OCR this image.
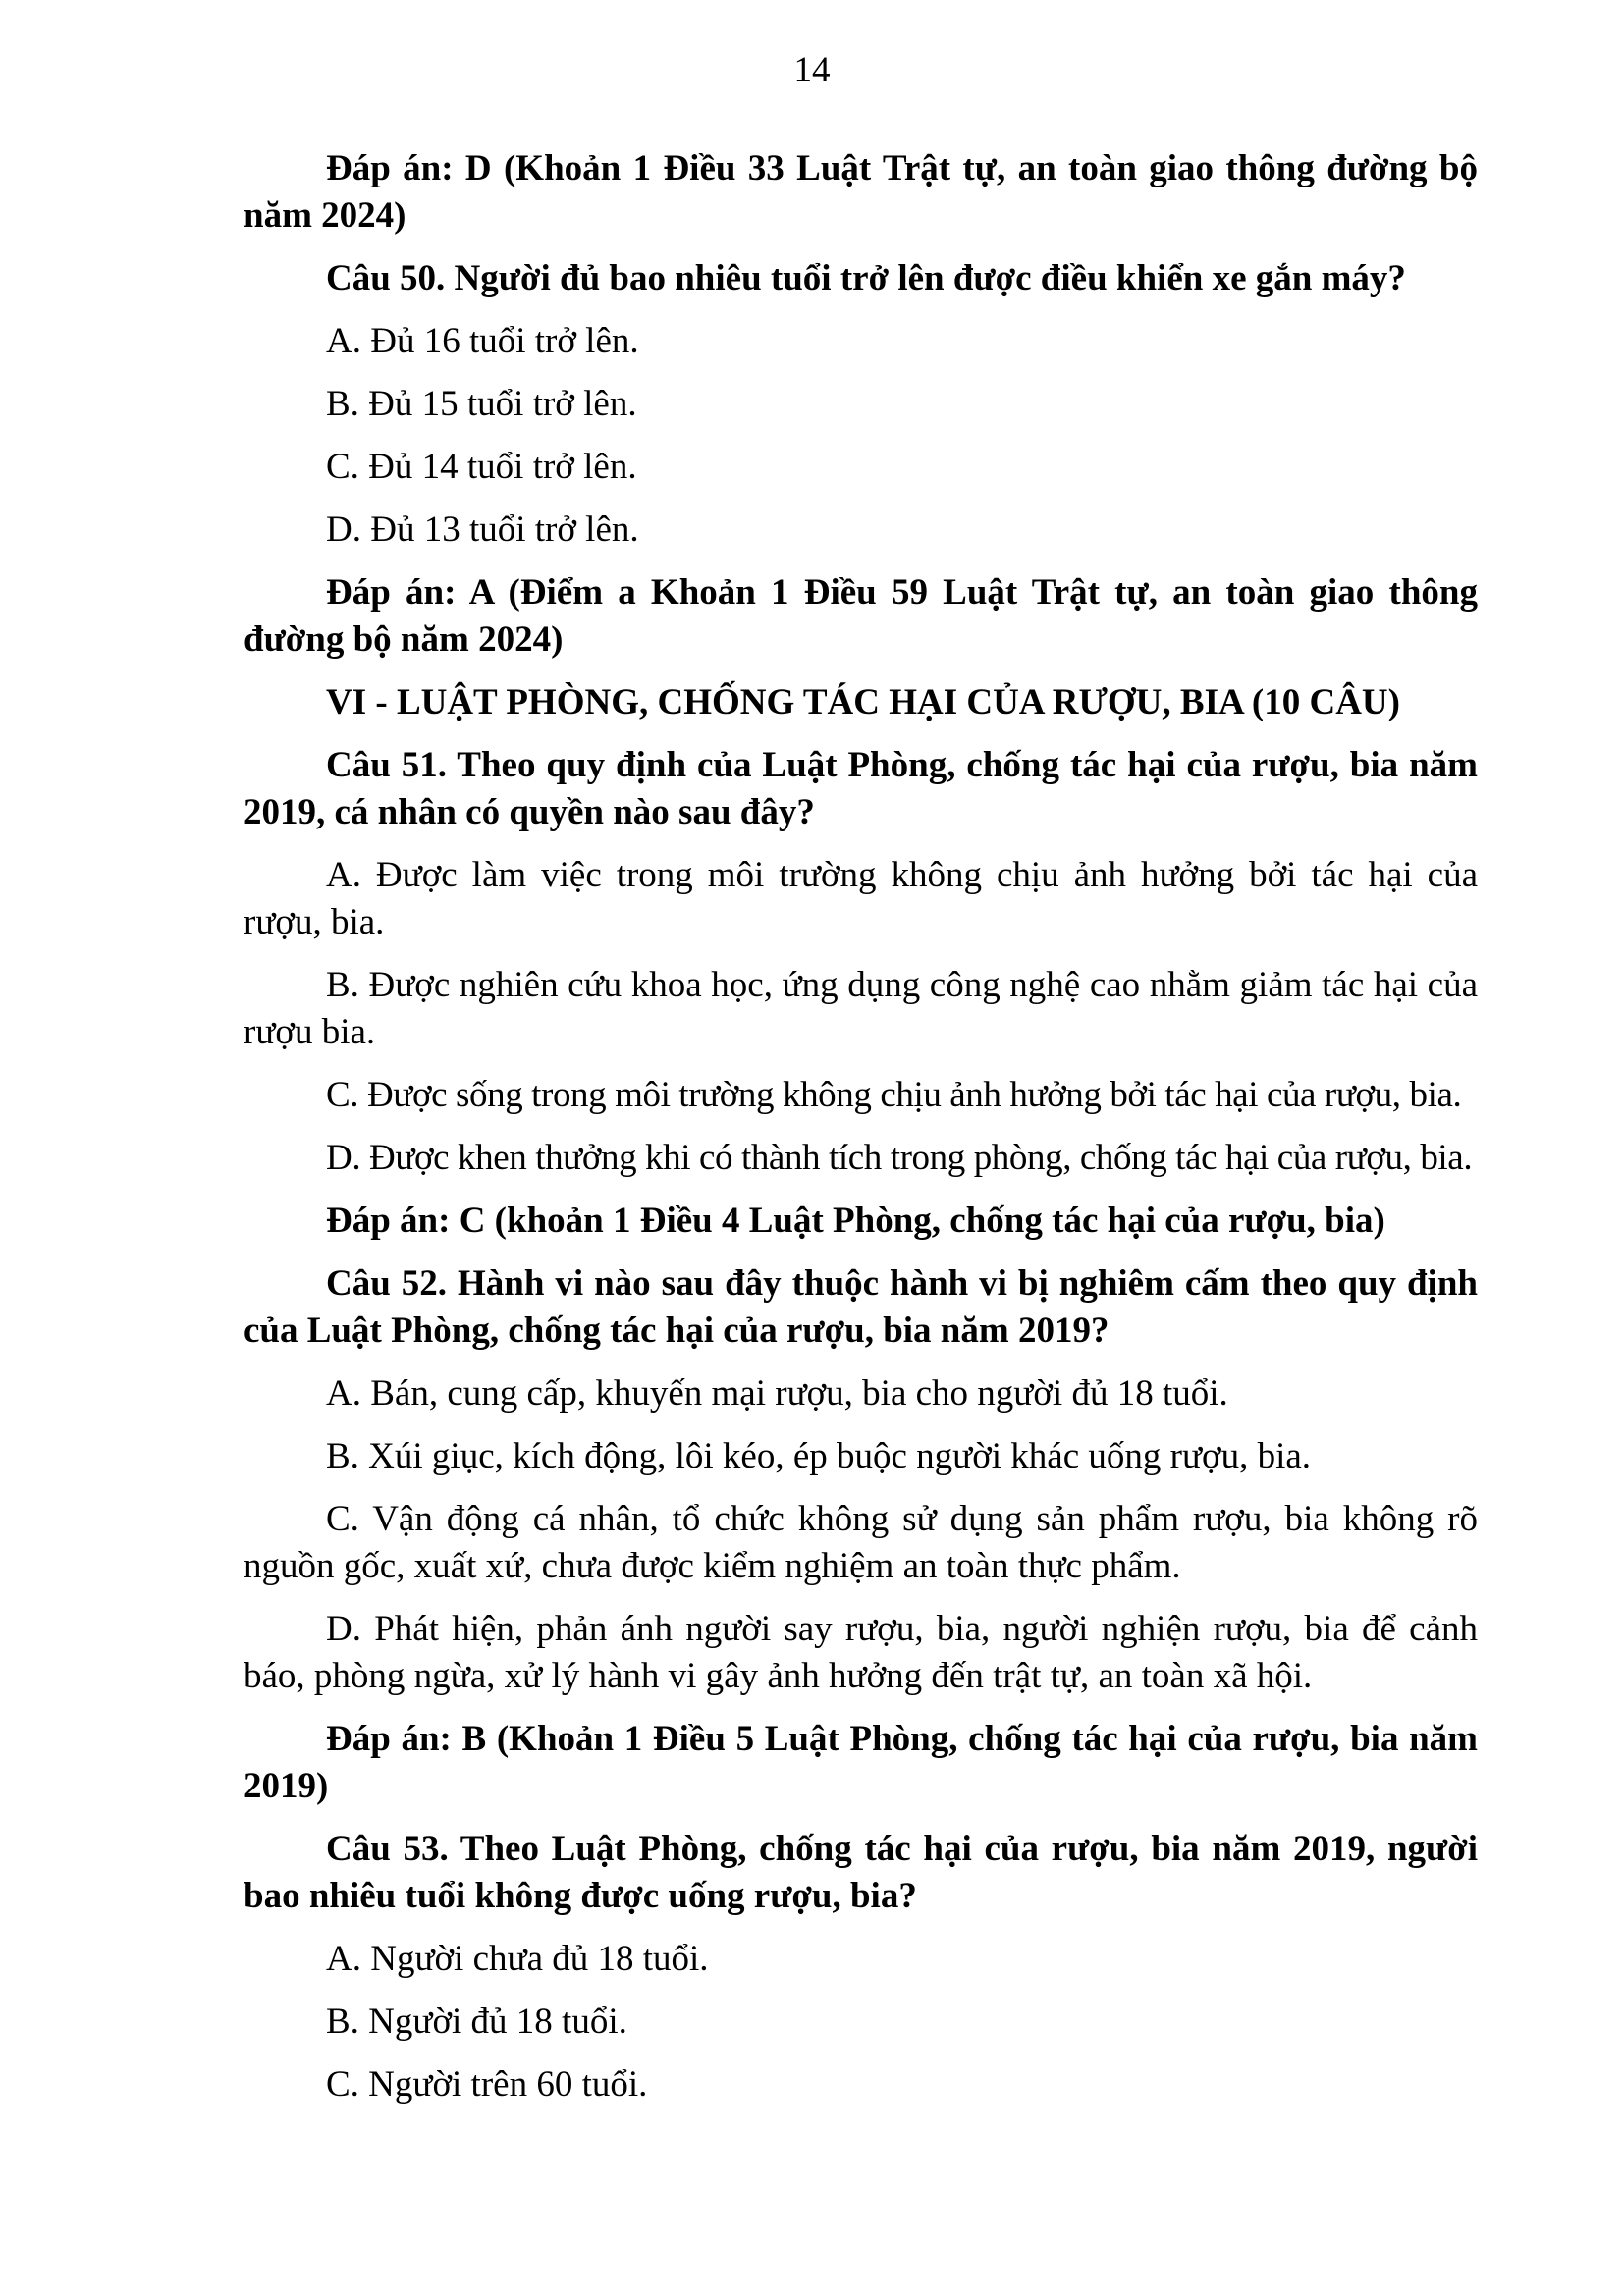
14

Đáp án: D (Khoản 1 Điều 33 Luật Trật tự, an toàn giao thông đường bộ năm 2024)

Câu 50. Người đủ bao nhiêu tuổi trở lên được điều khiển xe gắn máy?

A. Đủ 16 tuổi trở lên.

B. Đủ 15 tuổi trở lên.

C. Đủ 14 tuổi trở lên.

D. Đủ 13 tuổi trở lên.

Đáp án: A (Điểm a Khoản 1 Điều 59 Luật Trật tự, an toàn giao thông đường bộ năm 2024)

VI - LUẬT PHÒNG, CHỐNG TÁC HẠI CỦA RƯỢU, BIA (10 CÂU)

Câu 51. Theo quy định của Luật Phòng, chống tác hại của rượu, bia năm 2019, cá nhân có quyền nào sau đây?

A. Được làm việc trong môi trường không chịu ảnh hưởng bởi tác hại của rượu, bia.

B. Được nghiên cứu khoa học, ứng dụng công nghệ cao nhằm giảm tác hại của rượu bia.

C. Được sống trong môi trường không chịu ảnh hưởng bởi tác hại của rượu, bia.

D. Được khen thưởng khi có thành tích trong phòng, chống tác hại của rượu, bia.

Đáp án: C (khoản 1 Điều 4 Luật Phòng, chống tác hại của rượu, bia)

Câu 52. Hành vi nào sau đây thuộc hành vi bị nghiêm cấm theo quy định của Luật Phòng, chống tác hại của rượu, bia năm 2019?

A. Bán, cung cấp, khuyến mại rượu, bia cho người đủ 18 tuổi.

B. Xúi giục, kích động, lôi kéo, ép buộc người khác uống rượu, bia.

C. Vận động cá nhân, tổ chức không sử dụng sản phẩm rượu, bia không rõ nguồn gốc, xuất xứ, chưa được kiểm nghiệm an toàn thực phẩm.

D. Phát hiện, phản ánh người say rượu, bia, người nghiện rượu, bia để cảnh báo, phòng ngừa, xử lý hành vi gây ảnh hưởng đến trật tự, an toàn xã hội.

Đáp án: B (Khoản 1 Điều 5 Luật Phòng, chống tác hại của rượu, bia năm 2019)

Câu 53. Theo Luật Phòng, chống tác hại của rượu, bia năm 2019, người bao nhiêu tuổi không được uống rượu, bia?

A. Người chưa đủ 18 tuổi.

B. Người đủ 18 tuổi.

C. Người trên 60 tuổi.
